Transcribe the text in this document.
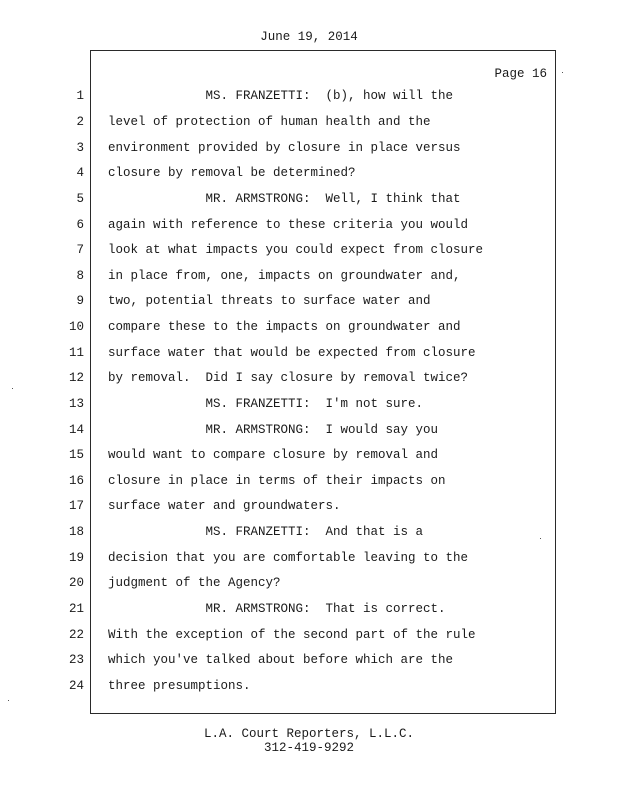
June 19, 2014
Page 16
1
2
3
4
5
6
7
8
9
10
11
12
13
14
15
16
17
18
19
20
21
22
23
24
MS. FRANZETTI:  (b), how will the
level of protection of human health and the
environment provided by closure in place versus
closure by removal be determined?
MR. ARMSTRONG:  Well, I think that
again with reference to these criteria you would
look at what impacts you could expect from closure
in place from, one, impacts on groundwater and,
two, potential threats to surface water and
compare these to the impacts on groundwater and
surface water that would be expected from closure
by removal.  Did I say closure by removal twice?
MS. FRANZETTI:  I'm not sure.
MR. ARMSTRONG:  I would say you
would want to compare closure by removal and
closure in place in terms of their impacts on
surface water and groundwaters.
MS. FRANZETTI:  And that is a
decision that you are comfortable leaving to the
judgment of the Agency?
MR. ARMSTRONG:  That is correct.
With the exception of the second part of the rule
which you've talked about before which are the
three presumptions.
L.A. Court Reporters, L.L.C.
312-419-9292
